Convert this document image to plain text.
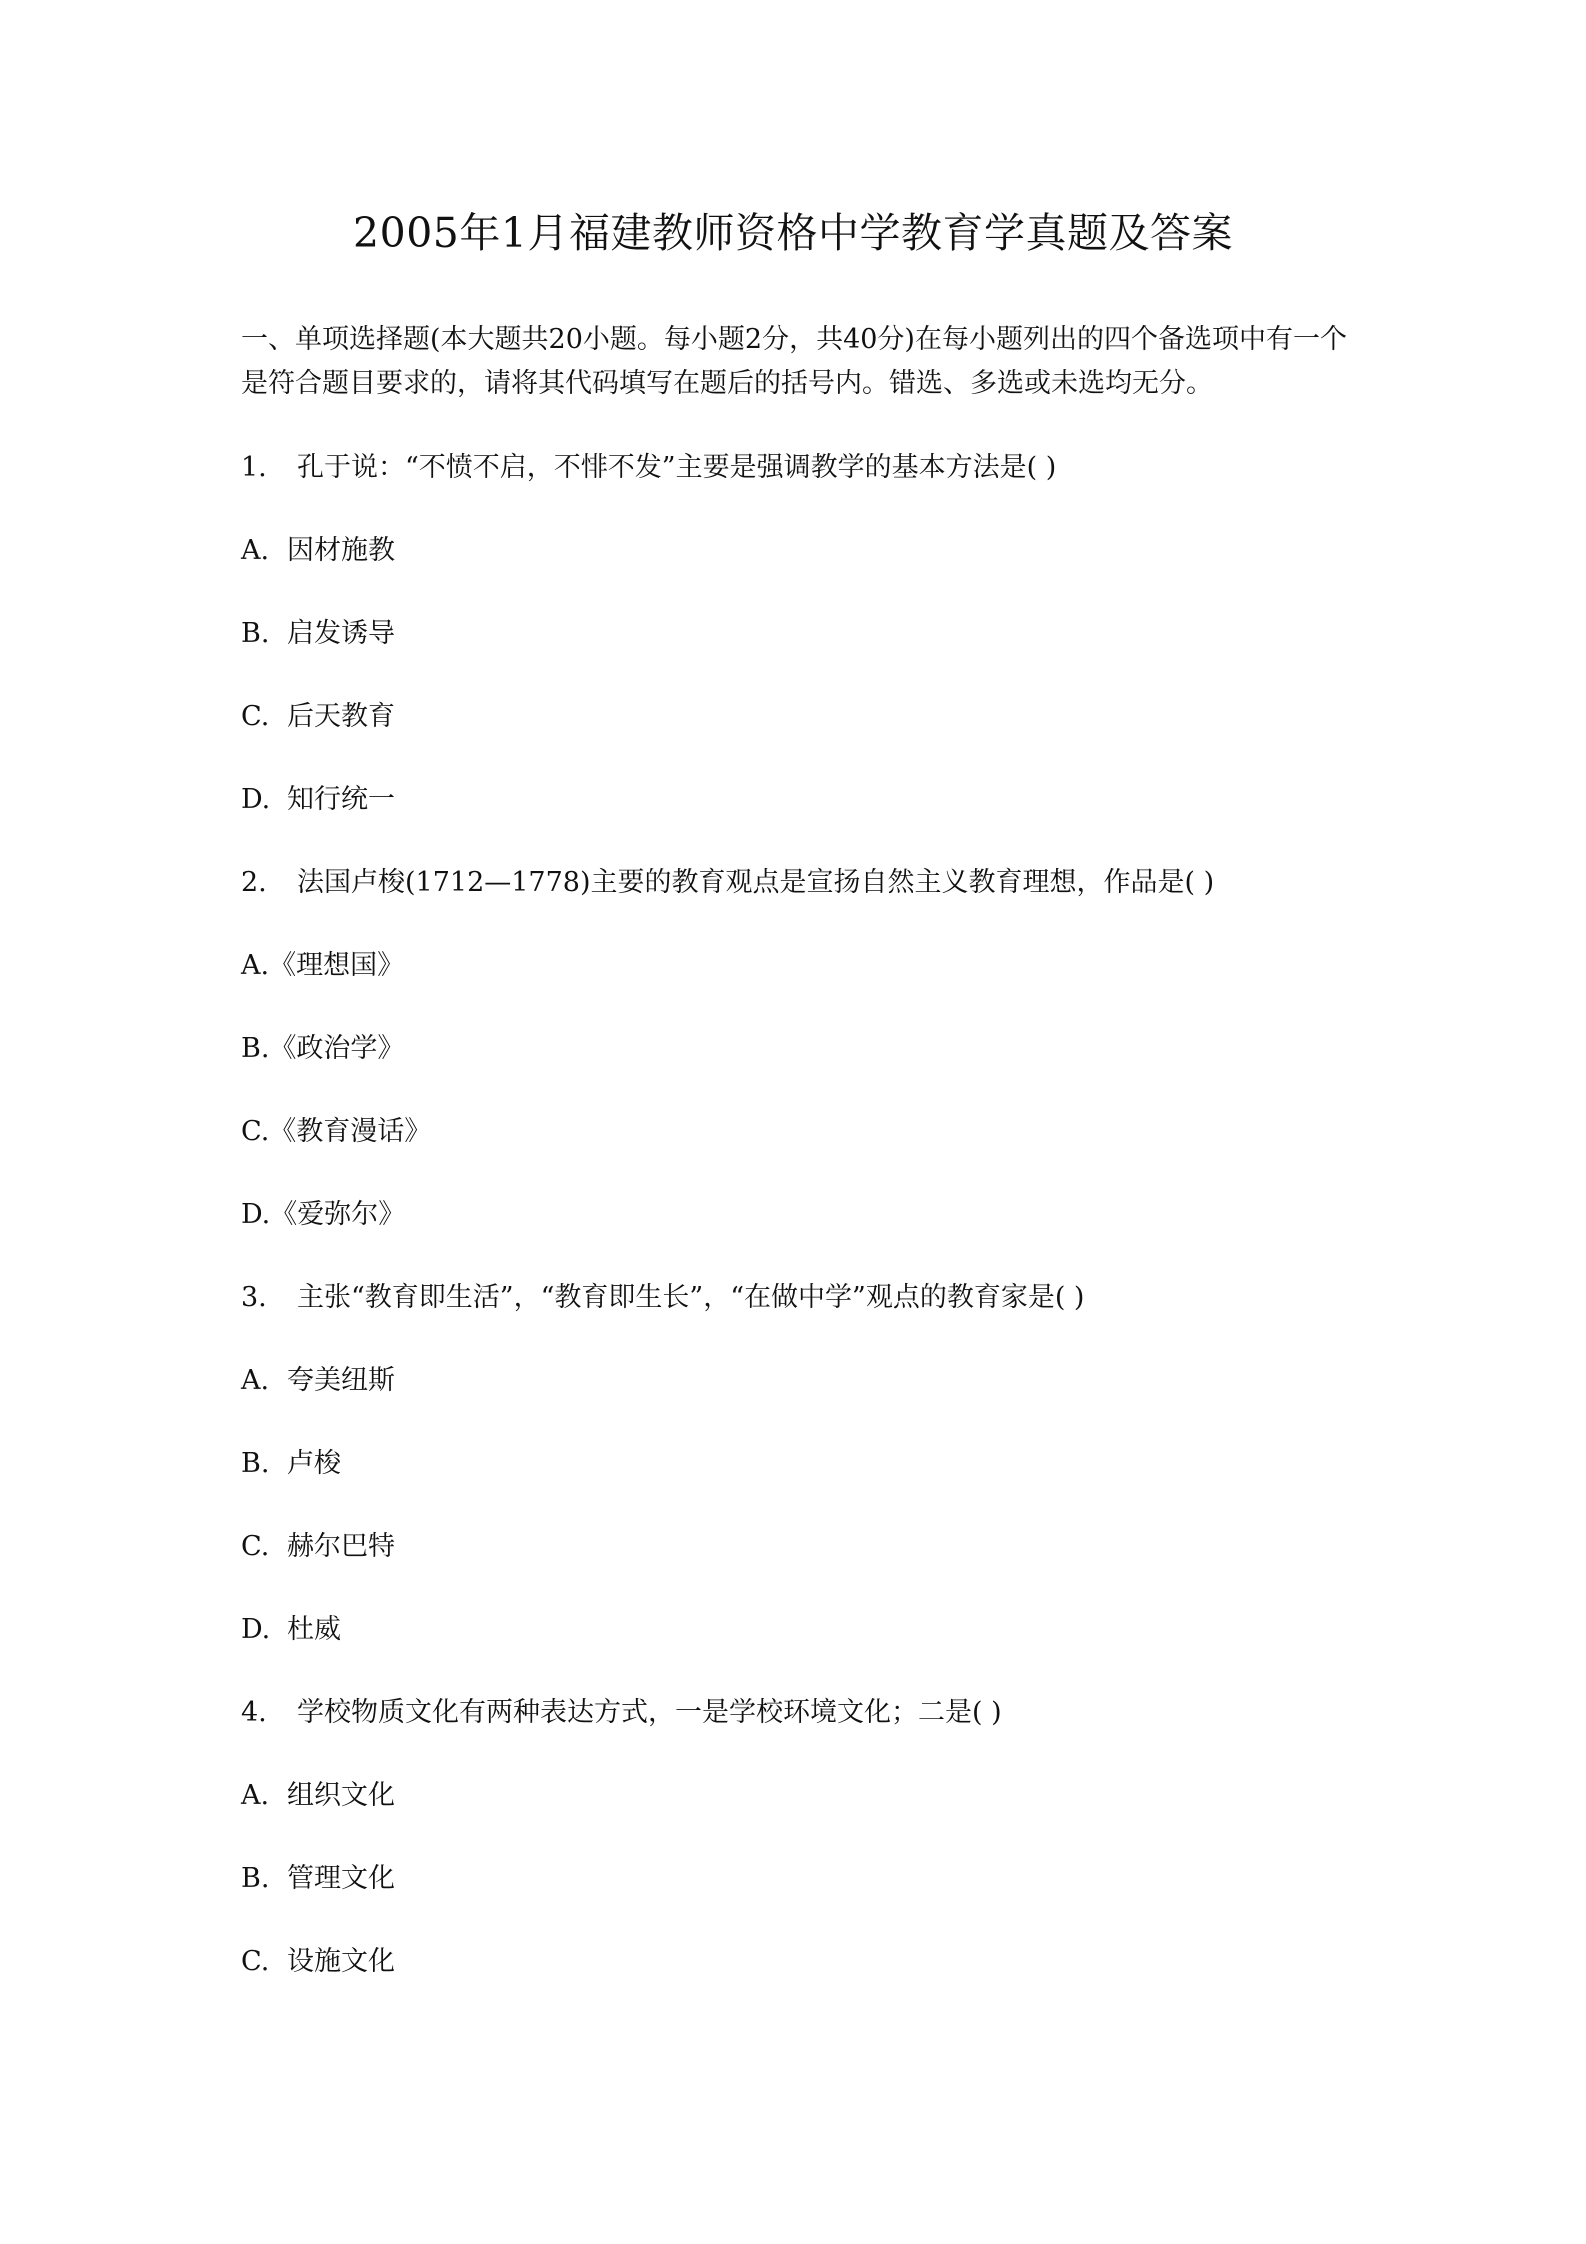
2005年1月福建教师资格中学教育学真题及答案
一、单项选择题(本大题共20小题。每小题2分，共40分)在每小题列出的四个备选项中有一个是符合题目要求的，请将其代码填写在题后的括号内。错选、多选或未选均无分。
1. 孔于说：“不愤不启，不悱不发”主要是强调教学的基本方法是( )
A. 因材施教
B. 启发诱导
C. 后天教育
D. 知行统一
2. 法国卢梭(1712—1778)主要的教育观点是宣扬自然主义教育理想，作品是( )
A.《理想国》
B.《政治学》
C.《教育漫话》
D.《爱弥尔》
3. 主张“教育即生活”，“教育即生长”，“在做中学”观点的教育家是( )
A. 夸美纽斯
B. 卢梭
C. 赫尔巴特
D. 杜威
4. 学校物质文化有两种表达方式，一是学校环境文化；二是( )
A. 组织文化
B. 管理文化
C. 设施文化
